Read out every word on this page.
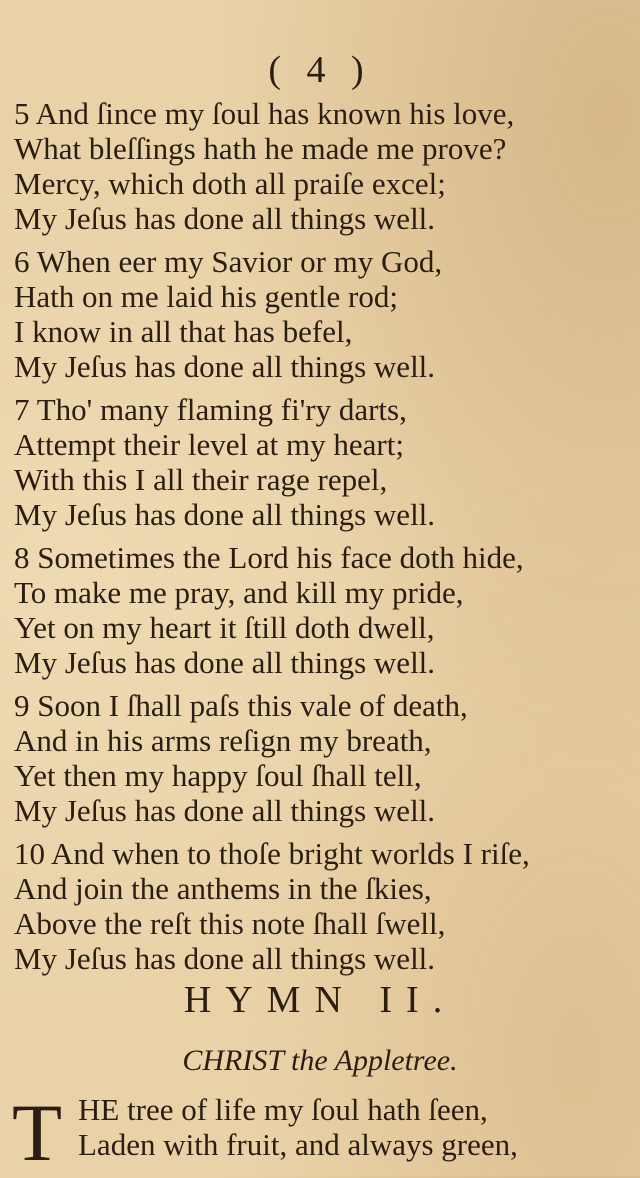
( 4 )
5 And ſince my ſoul has known his love,
What bleſſings hath he made me prove?
Mercy, which doth all praiſe excel;
My Jeſus has done all things well.
6 When eer my Savior or my God,
Hath on me laid his gentle rod;
I know in all that has befel,
My Jeſus has done all things well.
7 Tho' many flaming fi'ry darts,
Attempt their level at my heart;
With this I all their rage repel,
My Jeſus has done all things well.
8 Sometimes the Lord his face doth hide,
To make me pray, and kill my pride,
Yet on my heart it ſtill doth dwell,
My Jeſus has done all things well.
9 Soon I ſhall paſs this vale of death,
And in his arms reſign my breath,
Yet then my happy ſoul ſhall tell,
My Jeſus has done all things well.
10 And when to thoſe bright worlds I riſe,
And join the anthems in the ſkies,
Above the reſt this note ſhall ſwell,
My Jeſus has done all things well.
HYMN II.
CHRIST the Appletree.
T HE tree of life my ſoul hath ſeen,
Laden with fruit, and always green,
